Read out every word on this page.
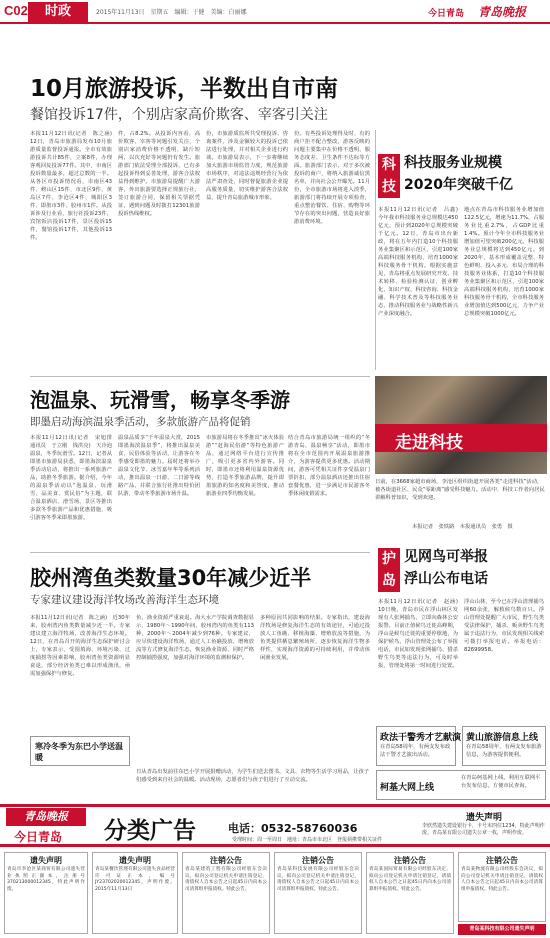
C02	时政	2015年11月13日　星期五　编辑：于健　美编：白丽娜　	今日青岛 青岛晚报
10月旅游投诉，半数出自市南
餐馆投诉17件，个别店家高价欺客、宰客引关注
本报11月12日讯(记者　陈之涵)　12日，青岛市旅游局发布10月旅游质量监督投诉通报。全市有效旅游投诉共计85件，立案8件，办理客观回复投诉77件。其中，市南区投诉数量最多，超过总数的一半。从各区市投诉情况看，市南区43件、崂山区15件、市北区9件、黄岛区7件、李沧区4件、城阳区3件、即墨市3件、胶州市1件。从投诉涉及行业看，旅行社投诉23件，宾馆饭店投诉17件，景区投诉15件，餐馆投诉17件，其他投诉13件。
件，占8.2%。从投诉内容看，高价欺客、宰客等问题引发关注，个别店家消费价格不透明，缺斤短两、以次充好等问题仍有发生。旅游部门依法受理全部投诉，已有多起投诉得到妥善处理，游客合法权益得到维护。市旅游局提醒广大游客，外出旅游要选择正规旅行社，签订旅游合同，保留相关票据凭证，遇到问题及时拨打12301旅游投诉热线维权。
份，市旅游质监所共受理投诉、咨询案件，涉及金额较大的投诉已依法进行处理，并对相关企业进行约谈。市旅游局表示，下一步将继续加大旅游市场监管力度，规范旅游市场秩序，对违法违规经营行为依法严肃查处，同时督促旅游企业提高服务质量，切实维护游客合法权益，提升青岛旅游城市形象。
份。有些投诉处理得及时、有的商户拒不配合整改，游客反映的问题主要集中在价格不透明、服务态度差、卫生条件不达标等方面。旅游部门表示，对于多次被投诉的商户，将纳入旅游诚信黑名单，并向社会公开曝光。11月份，全市旅游市场将进入淡季，旅游部门将持续开展专项检查，重点整治餐饮、住宿、购物等环节存在的突出问题，营造良好旅游消费环境。
科技
科技服务业规模
2020年突破千亿
本报11月12日讯(记者　吕鑫)　今年我市科技服务业总规模达450亿元，预计到2020年总规模突破千亿元。12日，青岛市出台新政，将在五年内打造10个科技服务业集聚区和示范区，引进100家高端科技服务机构，培育1000家科技服务骨干机构。根据实施意见，青岛将重点发展研究开发、技术转移、检验检测认证、创业孵化、知识产权、科技咨询、科技金融、科学技术普及等科技服务业态，推动科技服务业与战略性新兴产业深度融合。
地点在青岛市科技服务业增加值122.5亿元，增速为11.7%，占服务业比重2.7%，占GDP比重1.4%。预计今年全市科技服务业增加值可望突破200亿元，科技服务业总规模将达到450亿元。到2020年，基本形成覆盖完整、特色鲜明、投入多元、布局合理的科技服务业体系，打造10个科技服务业集聚区和示范区，引进100家高端科技服务机构，培育1000家科技服务骨干机构，全市科技服务业增加值达到500亿元，力争产业总规模突破1000亿元。
泡温泉、玩滑雪，畅享冬季游
即墨启动海滨温泉季活动，多款旅游产品将促销
本报11月12日讯(记者　宋旭排　通讯员　于立刚　钱洪亮)　天冷泡温泉，冬季玩滑雪。12日，记者从即墨市旅游局获悉，即墨海滨温泉季活动启动，将推出一系列旅游产品，助推冬季旅游。据介绍，今年的温泉季活动以“泡温泉、玩滑雪、品美食、赏民俗”为主题，联合温泉酒店、滑雪场、景区等推出多款冬季旅游产品和优惠措施，吸引游客冬季来即墨旅游。
温泉品质享“千年温泉大赏，2015即墨海滨温泉季”，将推出温泉美食、民俗体验等活动，让游客在冬季感受即墨的魅力。届时还将举办温泉文化节、冰雪嘉年华等系列活动，推出温泉一日游、二日游等线路产品，并联合旅行社推出特价团队游，带动冬季旅游市场升温。
市旅游局将在冬季推出“冰火体验游”“赶海民俗游”等特色旅游产品，通过网络平台进行宣传推广，吸引更多省内外游客。同时，即墨市还将利用温泉资源优势，打造冬季旅游品牌，提升即墨旅游的知名度和美誉度，推动旅游业四季均衡发展。
结合青岛市旅游局统一组织的“冬游青岛，温泉畅享”活动，即墨市将在全市范围内开展温泉旅游推介，为游客提供更多优惠。活动期间，游客可凭相关证件享受温泉门票折扣，部分温泉酒店还推出住宿套餐优惠，进一步满足市民游客冬季休闲度假需求。
走进科技
日前，在3668家超市商场，李沧区组织街道开展各类“走进科技”活动，被各街道社区、民众“零距离”感受科技魅力。活动中，科技工作者向居民讲解科普知识，受到欢迎。
本报记者　张铁路　本报通讯员　张勇　摄
胶州湾鱼类数量30年减少近半
专家建议建设海洋牧场改善海洋生态环境
本报11月12日讯(记者　陈之涵)　近30年来，胶州湾内鱼类数量减少近一半。专家建议建立海洋牧场，改善海洋生态环境。12日，在青岛召开的海洋生态保护研讨会上，专家表示，受围填海、环境污染、过度捕捞等因素影响，胶州湾鱼类资源明显衰退，部分经济鱼类已难以形成渔汛，亟需加强保护与修复。
鱼，渔业资源严重衰退。海大水产学院调查数据显示，1980年～1990年间，胶州湾内的鱼类有113种，2000年～2004年减少到76种。专家建议，应尽快建设海洋牧场，通过人工鱼礁投放、增殖放流等方式修复海洋生态，恢复渔业资源，同时严格控制捕捞强度，加强对海洋环境的监测和保护。
多种原因共同影响的结果。专家指出，建设海洋牧场是修复海洋生态的有效途径，可通过投放人工鱼礁、移植海藻、增殖放流等措施，为鱼类提供栖息繁殖场所，逐步恢复海洋生物多样性，实现海洋资源的可持续利用，并带动休闲渔业发展。
寒冷冬季为东巴小学送温暖
护岛
见网鸟可举报
浮山公布电话
本报11月12日讯(记者　赵涵)　10日晚，青岛市民在浮山林区发现有人张网捕鸟，立即向森林公安报警。目前正值候鸟迁徙高峰期，浮山是候鸟迁徙的重要停歇地，为保护候鸟，浮山管理处公布了举报电话，市民如发现张网捕鸟、猎杀野生鸟类等违法行为，可及时举报，管理处将第一时间进行处置。
浮山山林，至今已在浮山清理捕鸟网60余张，解救候鸟数百只。浮山管理处提醒广大市民，野生鸟类受法律保护，捕杀、贩卖野生鸟类属于违法行为，市民发现相关线索可拨打举报电话。举报电话：82699958。
政法干警秀才艺献演
在青岛58周年，有两支发布政法干警才艺演出活动。
黄山旅游信息上线
在青岛58周年，有两支发布旅游信息，为游客提供便利。
柯基大网上线
在青岛柯基网上线，利用互联网平台发布信息，方便市民查询。
日从青岛出发前往东巴小学开展捐赠活动，为学生们送去图书、文具、衣物等生活学习用品，让孩子们感受到来自社会的温暖。活动现场，志愿者们与孩子们进行了互动交流。
青岛晚报
今日青岛 分类广告	电话：0532-58760036
受理时间：周一至周日　地址：青岛市市北区　登报须携带相关证件
遗失声明
李欣然遗失建设银行卡，卡号末四位1234，特此声明作废。青岛某有限公司遗失公章一枚，声明作废。
遗失声明
青岛市李沧区某商贸有限公司遗失营业执照正副本，注册号370213000012345，特此声明作废。
遗失声明
青岛某餐饮管理有限公司遗失食品经营许可证正本，编号JY23702020012345，声明作废。2015年11月13日
注销公告
青岛某建筑工程有限公司经股东会决议，拟向公司登记机关申请注销登记，请债权人自本公告之日起45日内向本公司清算组申报债权。特此公告。
注销公告
青岛某科技发展有限公司经股东会决议，拟向公司登记机关申请注销登记，请债权人自本公告之日起45日内向本公司清算组申报债权。特此公告。
注销公告
青岛某国际贸易有限公司经股东决定，拟向公司登记机关申请注销登记，请债权人自本公告之日起45日内向本公司清算组申报债权。特此公告。
注销公告
青岛某物流有限公司经股东会决议，拟向公司登记机关申请注销登记，请债权人自本公告之日起45日内向本公司清算组申报债权。特此公告。
青岛某科技有限公司遗失声明
